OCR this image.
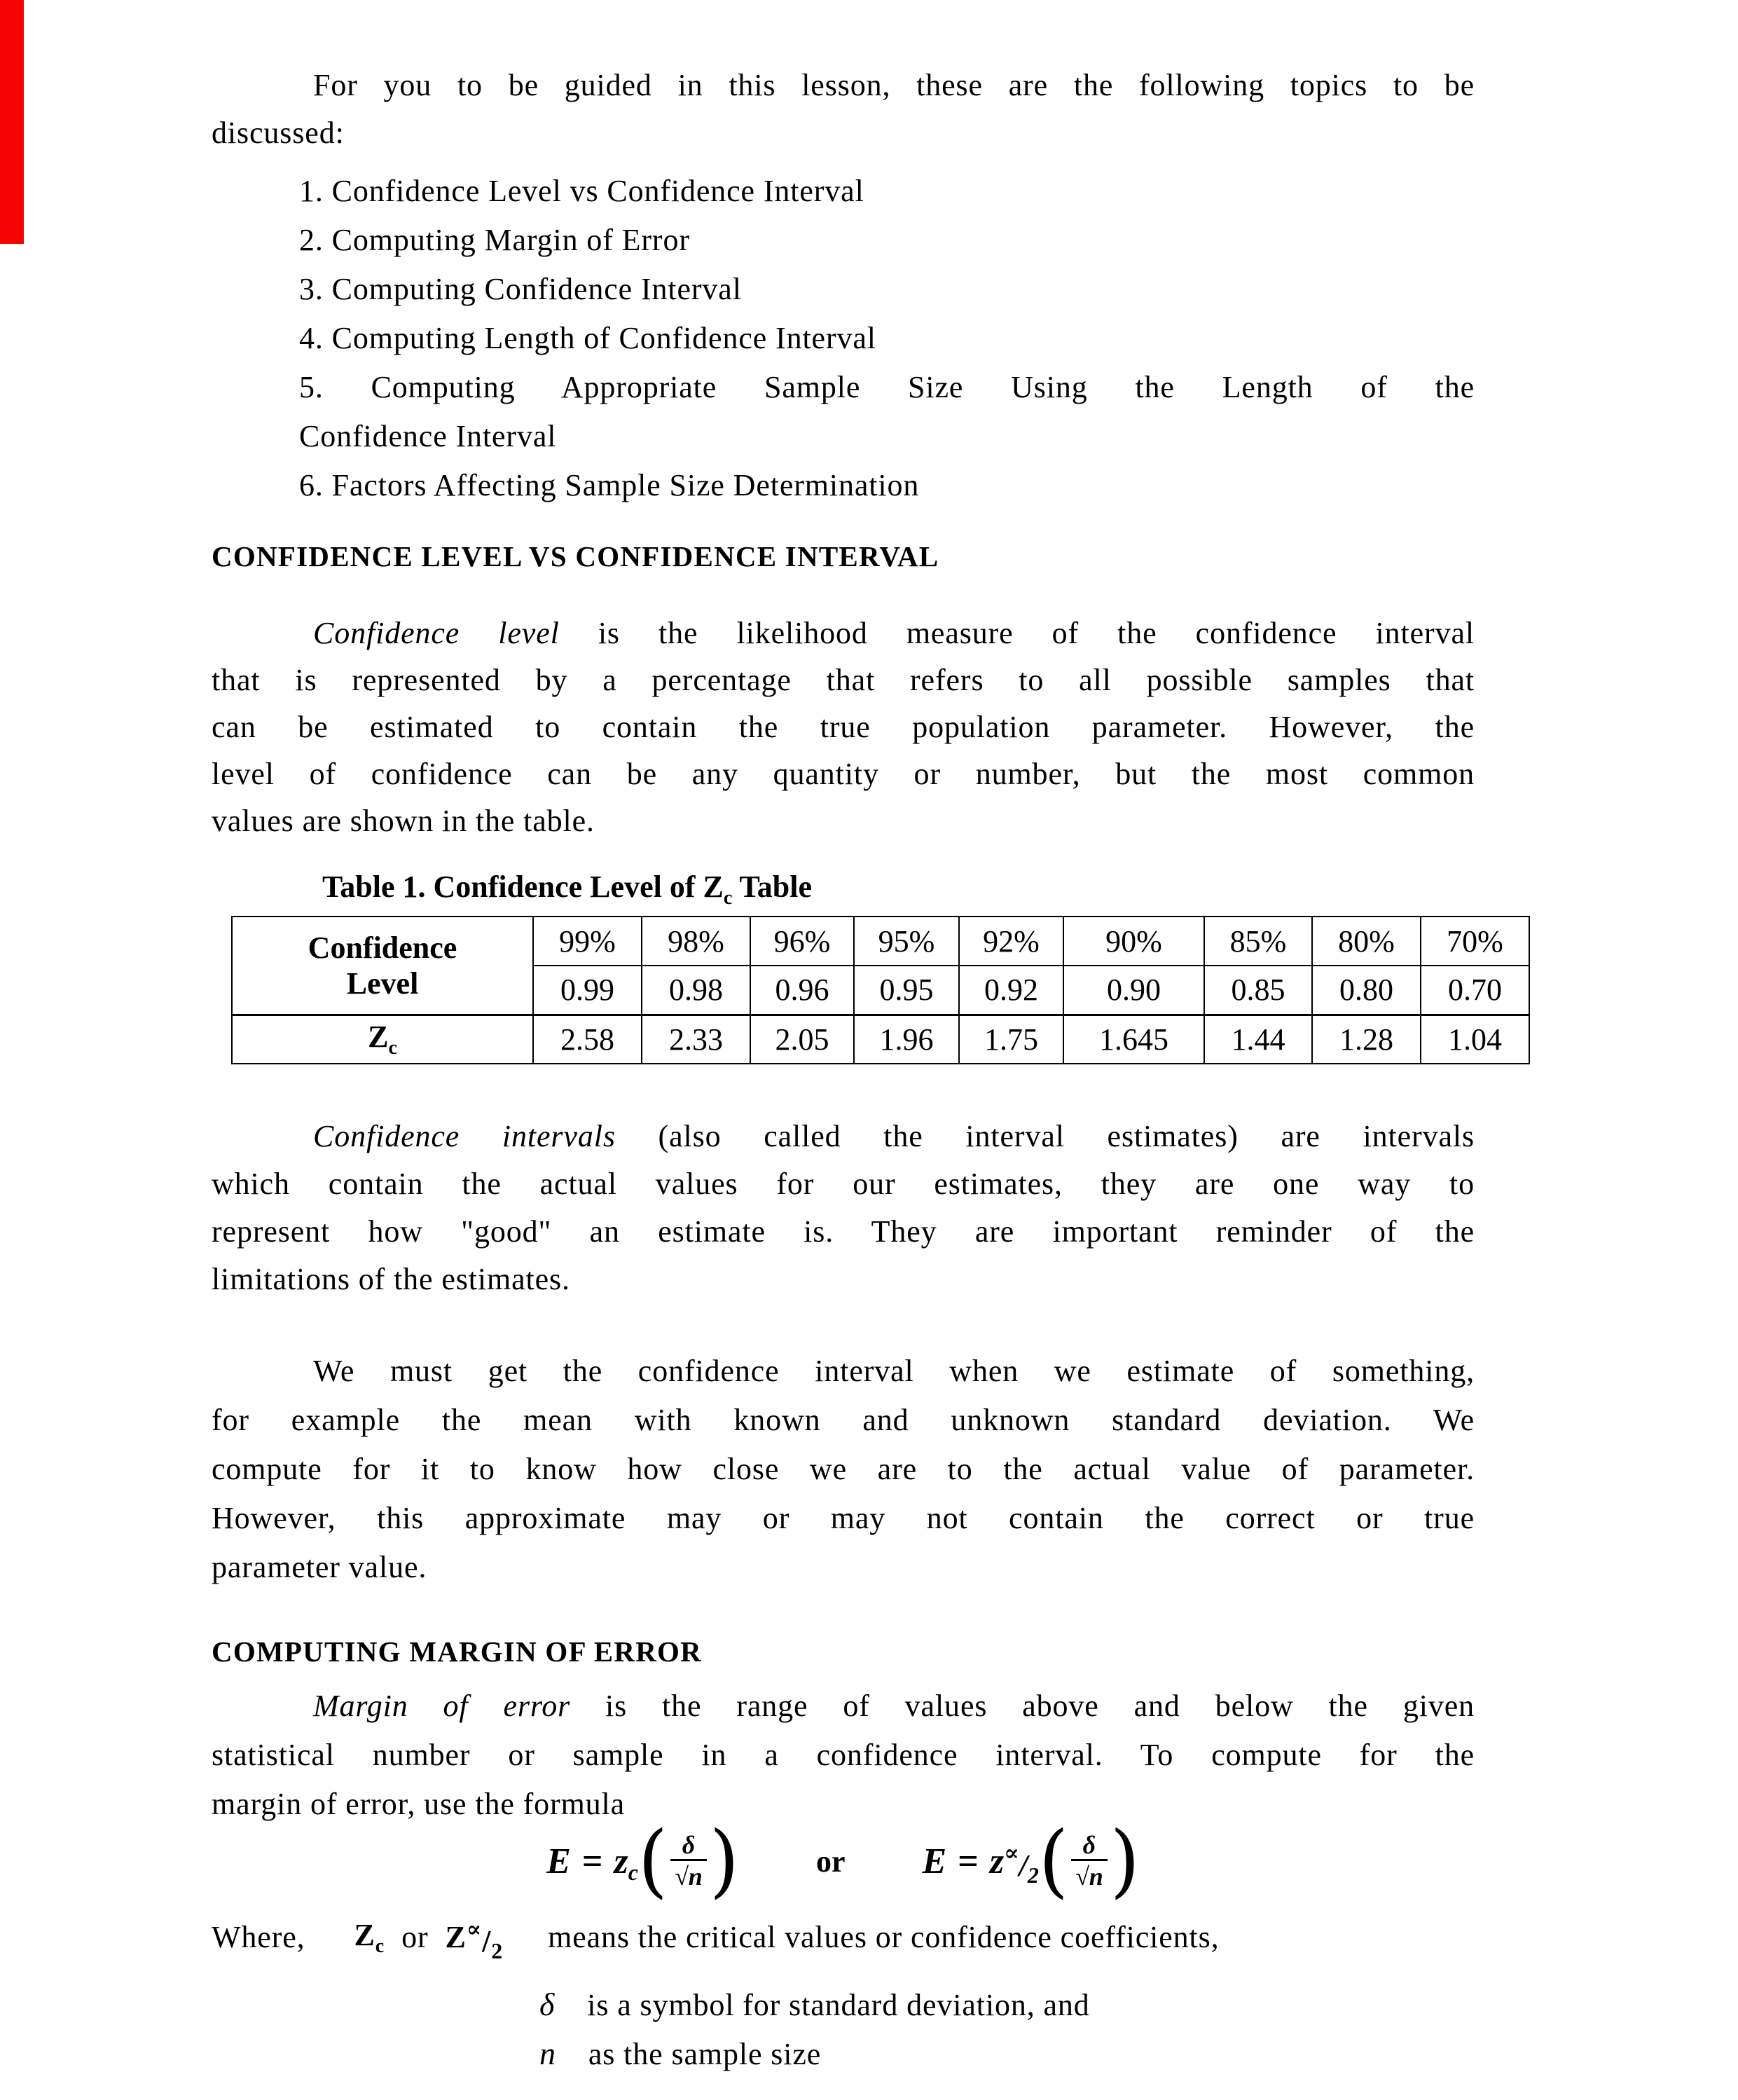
For you to be guided in this lesson, these are the following topics to be
discussed:
1. Confidence Level vs Confidence Interval
2. Computing Margin of Error
3. Computing Confidence Interval
4. Computing Length of Confidence Interval
5. Computing Appropriate Sample Size Using the Length of the
Confidence Interval
6. Factors Affecting Sample Size Determination
CONFIDENCE LEVEL VS CONFIDENCE INTERVAL
Confidence level is the likelihood measure of the confidence interval
that is represented by a percentage that refers to all possible samples that
can be estimated to contain the true population parameter. However, the
level of confidence can be any quantity or number, but the most common
values are shown in the table.
Table 1. Confidence Level of $Z_c$ Table
Confidence
Level	99%	98%	96%	95%	92%	90%	85%	80%	70%
	0.99	0.98	0.96	0.95	0.92	0.90	0.85	0.80	0.70
$Z_c$	2.58	2.33	2.05	1.96	1.75	1.645	1.44	1.28	1.04
Confidence intervals (also called the interval estimates) are intervals
which contain the actual values for our estimates, they are one way to
represent how "good" an estimate is. They are important reminder of the
limitations of the estimates.
We must get the confidence interval when we estimate of something,
for example the mean with known and unknown standard deviation. We
compute for it to know how close we are to the actual value of parameter.
However, this approximate may or may not contain the correct or true
parameter value.
COMPUTING MARGIN OF ERROR
Margin of error is the range of values above and below the given
statistical number or sample in a confidence interval. To compute for the
margin of error, use the formula
E = z c ( $\frac{\delta}{√n}$ )	or E = z ∝ / 2 ( $\frac{\delta}{√n}$ )
Where, $Z_c$ or Z ∝ / 2 means the critical values or confidence coefficients,
δ is a symbol for standard deviation, and
n as the sample size
